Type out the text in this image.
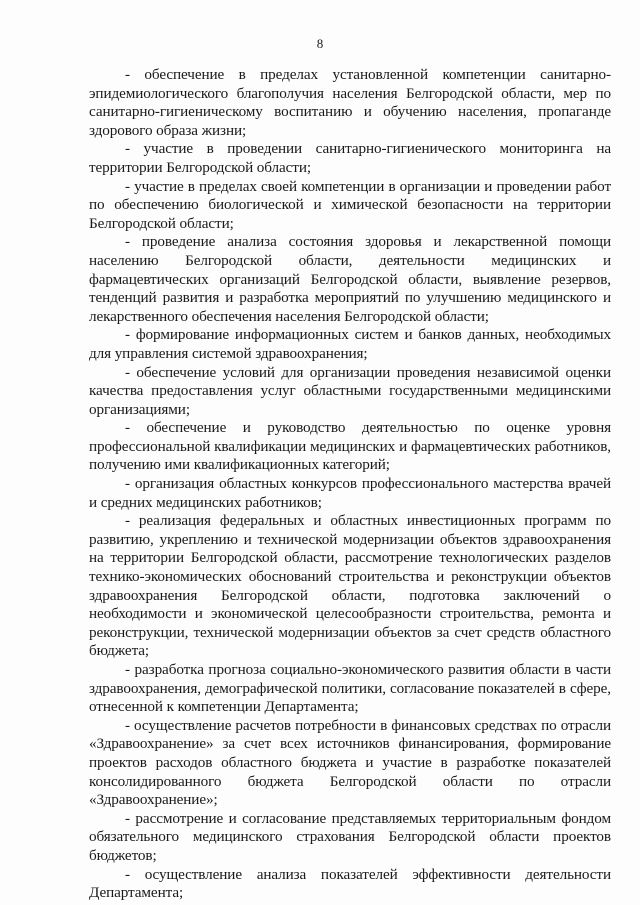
8

- обеспечение в пределах установленной компетенции санитарно-эпидемиологического благополучия населения Белгородской области, мер по санитарно-гигиеническому воспитанию и обучению населения, пропаганде здорового образа жизни;

- участие в проведении санитарно-гигиенического мониторинга на территории Белгородской области;

- участие в пределах своей компетенции в организации и проведении работ по обеспечению биологической и химической безопасности на территории Белгородской области;

- проведение анализа состояния здоровья и лекарственной помощи населению Белгородской области, деятельности медицинских и фармацевтических организаций Белгородской области, выявление резервов, тенденций развития и разработка мероприятий по улучшению медицинского и лекарственного обеспечения населения Белгородской области;

- формирование информационных систем и банков данных, необходимых для управления системой здравоохранения;

- обеспечение условий для организации проведения независимой оценки качества предоставления услуг областными государственными медицинскими организациями;

- обеспечение и руководство деятельностью по оценке уровня профессиональной квалификации медицинских и фармацевтических работников, получению ими квалификационных категорий;

- организация областных конкурсов профессионального мастерства врачей и средних медицинских работников;

- реализация федеральных и областных инвестиционных программ по развитию, укреплению и технической модернизации объектов здравоохранения на территории Белгородской области, рассмотрение технологических разделов технико-экономических обоснований строительства и реконструкции объектов здравоохранения Белгородской области, подготовка заключений о необходимости и экономической целесообразности строительства, ремонта и реконструкции, технической модернизации объектов за счет средств областного бюджета;

- разработка прогноза социально-экономического развития области в части здравоохранения, демографической политики, согласование показателей в сфере, отнесенной к компетенции Департамента;

- осуществление расчетов потребности в финансовых средствах по отрасли «Здравоохранение» за счет всех источников финансирования, формирование проектов расходов областного бюджета и участие в разработке показателей консолидированного бюджета Белгородской области по отрасли «Здравоохранение»;

- рассмотрение и согласование представляемых территориальным фондом обязательного медицинского страхования Белгородской области проектов бюджетов;

- осуществление анализа показателей эффективности деятельности Департамента;
